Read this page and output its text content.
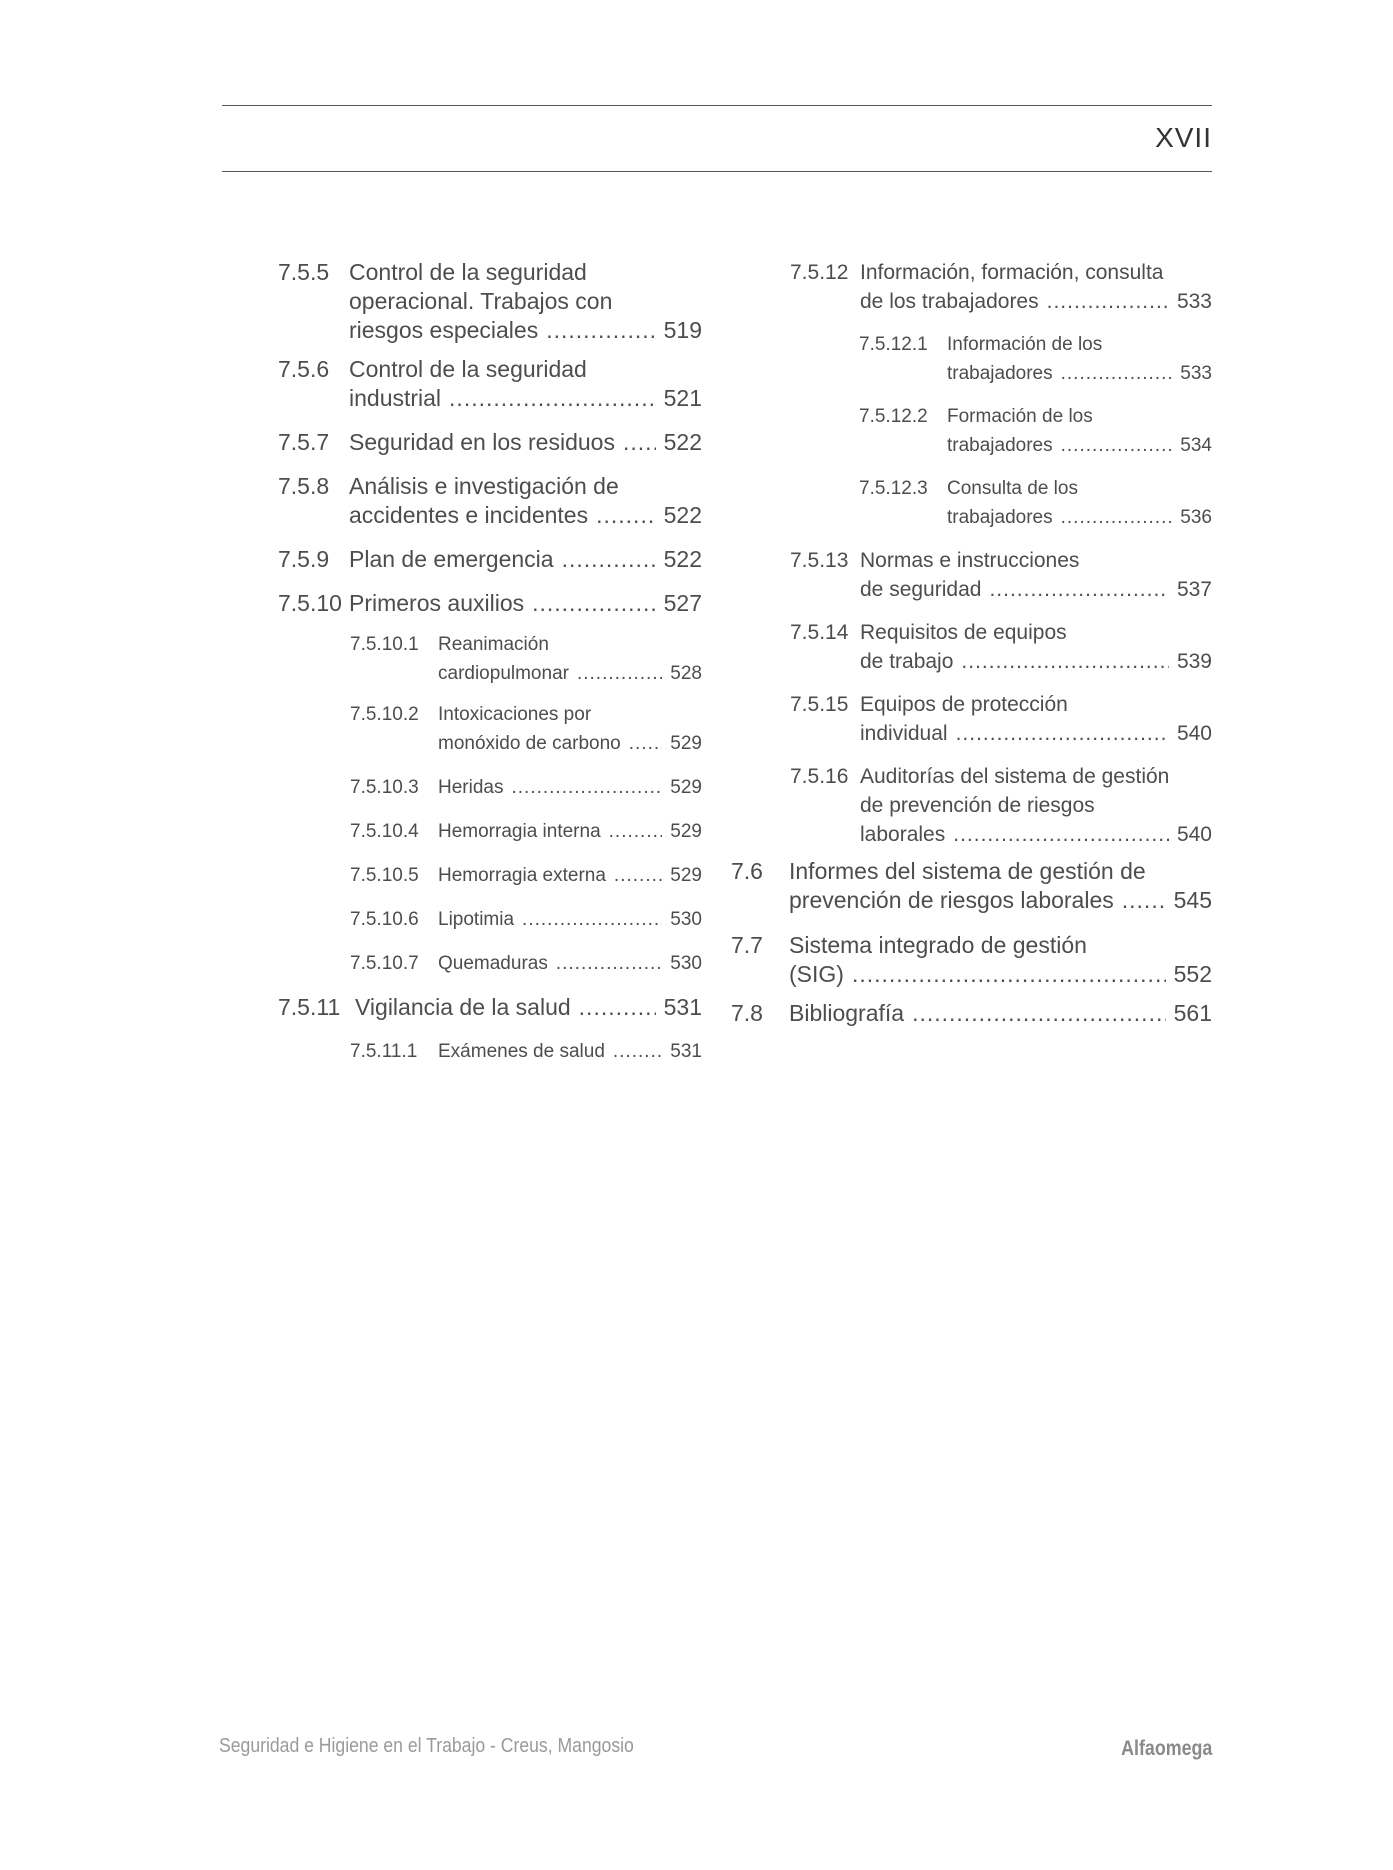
XVII
7.5.5 Control de la seguridad
operacional. Trabajos con
riesgos especiales .....	519
7.5.6 Control de la seguridad
industrial .....	521
7.5.7 Seguridad en los residuos ..... 522
7.5.8 Análisis e investigación de
accidentes e incidentes .....	522
7.5.9 Plan de emergencia .....	522
7.5.10 Primeros auxilios .....	527
7.5.10.1 Reanimación
cardiopulmonar .....	528
7.5.10.2 Intoxicaciones por
monóxido de carbono .....	529
7.5.10.3 Heridas .....	529
7.5.10.4 Hemorragia interna .....	529
7.5.10.5 Hemorragia externa .....	529
7.5.10.6 Lipotimia .....	530
7.5.10.7 Quemaduras .....	530
7.5.11 Vigilancia de la salud .....	531
7.5.11.1 Exámenes de salud .....	531
7.5.12 Información, formación, consulta
de los trabajadores .....	533
7.5.12.1 Información de los
trabajadores .....	533
7.5.12.2 Formación de los
trabajadores .....	534
7.5.12.3 Consulta de los
trabajadores .....	536
7.5.13 Normas e instrucciones
de seguridad .....	537
7.5.14 Requisitos de equipos
de trabajo .....	539
7.5.15 Equipos de protección
individual .....	540
7.5.16 Auditorías del sistema de gestión
de prevención de riesgos
laborales .....	540
7.6 Informes del sistema de gestión de
prevención de riesgos laborales .....	545
7.7 Sistema integrado de gestión
(SIG) .....	552
7.8 Bibliografía .....	561
Seguridad e Higiene en el Trabajo - Creus, Mangosio	Alfaomega
